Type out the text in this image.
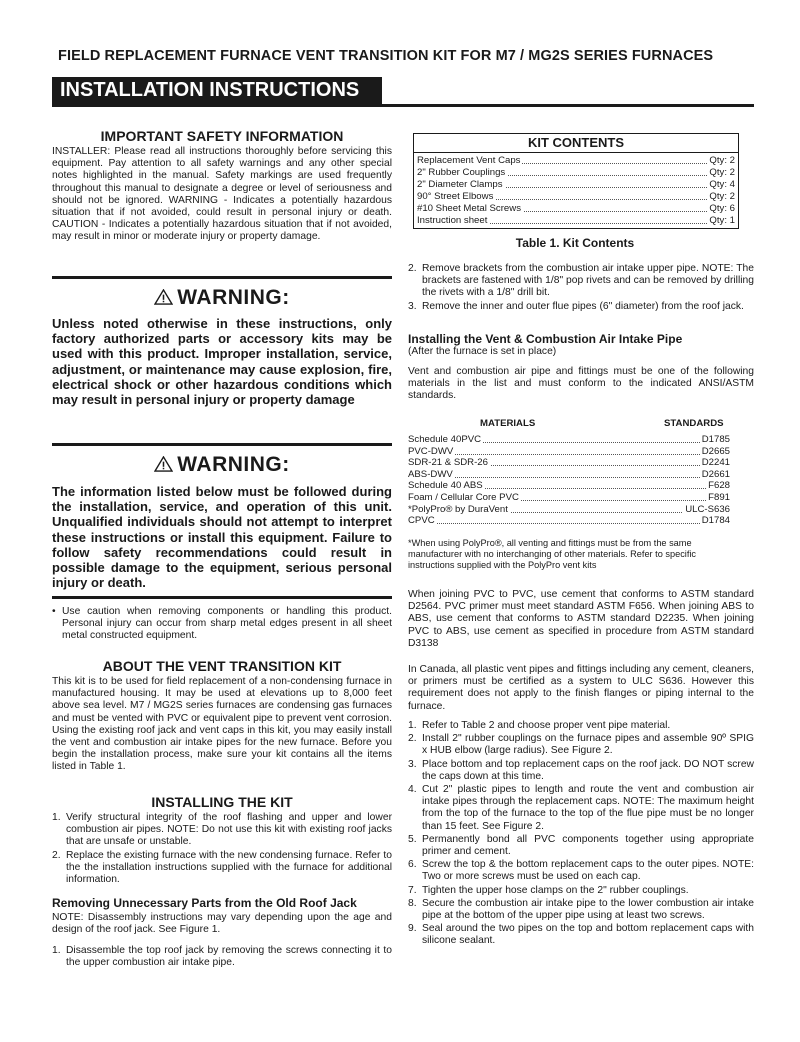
FIELD REPLACEMENT FURNACE VENT TRANSITION KIT FOR M7 / MG2S SERIES FURNACES
INSTALLATION INSTRUCTIONS
IMPORTANT SAFETY INFORMATION
INSTALLER: Please read all instructions thoroughly before servicing this equipment. Pay attention to all safety warnings and any other special notes highlighted in the manual. Safety markings are used frequently throughout this manual to designate a degree or level of seriousness and should not be ignored. WARNING - Indicates a potentially hazardous situation that if not avoided, could result in personal injury or death. CAUTION - Indicates a potentially hazardous situation that if not avoided, may result in minor or moderate injury or property damage.
WARNING:
Unless noted otherwise in these instructions, only factory authorized parts or accessory kits may be used with this product. Improper installation, service, adjustment, or maintenance may cause explosion, fire, electrical shock or other hazardous conditions which may result in personal injury or property damage
WARNING:
The information listed below must be followed during the installation, service, and operation of this unit. Unqualified individuals should not attempt to interpret these instructions or install this equipment. Failure to follow safety recommendations could result in possible damage to the equipment, serious personal injury or death.
• Use caution when removing components or handling this product. Personal injury can occur from sharp metal edges present in all sheet metal constructed equipment.
ABOUT THE VENT TRANSITION KIT
This kit is to be used for field replacement of a non-condensing furnace in manufactured housing. It may be used at elevations up to 8,000 feet above sea level. M7 / MG2S series furnaces are condensing gas furnaces and must be vented with PVC or equivalent pipe to prevent vent corrosion. Using the existing roof jack and vent caps in this kit, you may easily install the vent and combustion air intake pipes for the new furnace. Before you begin the installation process, make sure your kit contains all the items listed in Table 1.
INSTALLING THE KIT
1. Verify structural integrity of the roof flashing and upper and lower combustion air pipes. NOTE: Do not use this kit with existing roof jacks that are unsafe or unstable.
2. Replace the existing furnace with the new condensing furnace. Refer to the the installation instructions supplied with the furnace for additional information.
Removing Unnecessary Parts from the Old Roof Jack
NOTE: Disassembly instructions may vary depending upon the age and design of the roof jack. See Figure 1.
1. Disassemble the top roof jack by removing the screws connecting it to the upper combustion air intake pipe.
KIT CONTENTS
Replacement Vent Caps	Qty: 2
2" Rubber Couplings	Qty: 2
2" Diameter Clamps	Qty: 4
90° Street Elbows	Qty: 2
#10 Sheet Metal Screws	Qty: 6
Instruction sheet	Qty: 1
Table 1. Kit Contents
2. Remove brackets from the combustion air intake upper pipe. NOTE: The brackets are fastened with 1/8" pop rivets and can be removed by drilling the rivets with a 1/8" drill bit.
3. Remove the inner and outer flue pipes (6" diameter) from the roof jack.
Installing the Vent & Combustion Air Intake Pipe
(After the furnace is set in place)
Vent and combustion air pipe and fittings must be one of the following materials in the list and must conform to the indicated ANSI/ASTM standards.
MATERIALS	STANDARDS
Schedule 40PVC	D1785
PVC-DWV	D2665
SDR-21 & SDR-26	D2241
ABS-DWV	D2661
Schedule 40 ABS	F628
Foam / Cellular Core PVC	F891
*PolyPro® by DuraVent	ULC-S636
CPVC	D1784
*When using PolyPro®, all venting and fittings must be from the same manufacturer with no interchanging of other materials. Refer to specific instructions supplied with the PolyPro vent kits
When joining PVC to PVC, use cement that conforms to ASTM standard D2564. PVC primer must meet standard ASTM F656. When joining ABS to ABS, use cement that conforms to ASTM standard D2235. When joining PVC to ABS, use cement as specified in procedure from ASTM standard D3138
In Canada, all plastic vent pipes and fittings including any cement, cleaners, or primers must be certified as a system to ULC S636. However this requirement does not apply to the finish flanges or piping internal to the furnace.
1. Refer to Table 2 and choose proper vent pipe material.
2. Install 2" rubber couplings on the furnace pipes and assemble 90º SPIG x HUB elbow (large radius). See Figure 2.
3. Place bottom and top replacement caps on the roof jack. DO NOT screw the caps down at this time.
4. Cut 2" plastic pipes to length and route the vent and combustion air intake pipes through the replacement caps. NOTE: The maximum height from the top of the furnace to the top of the flue pipe must be no longer than 15 feet. See Figure 2.
5. Permanently bond all PVC components together using appropriate primer and cement.
6. Screw the top & the bottom replacement caps to the outer pipes. NOTE: Two or more screws must be used on each cap.
7. Tighten the upper hose clamps on the 2" rubber couplings.
8. Secure the combustion air intake pipe to the lower combustion air intake pipe at the bottom of the upper pipe using at least two screws.
9. Seal around the two pipes on the top and bottom replacement caps with silicone sealant.
